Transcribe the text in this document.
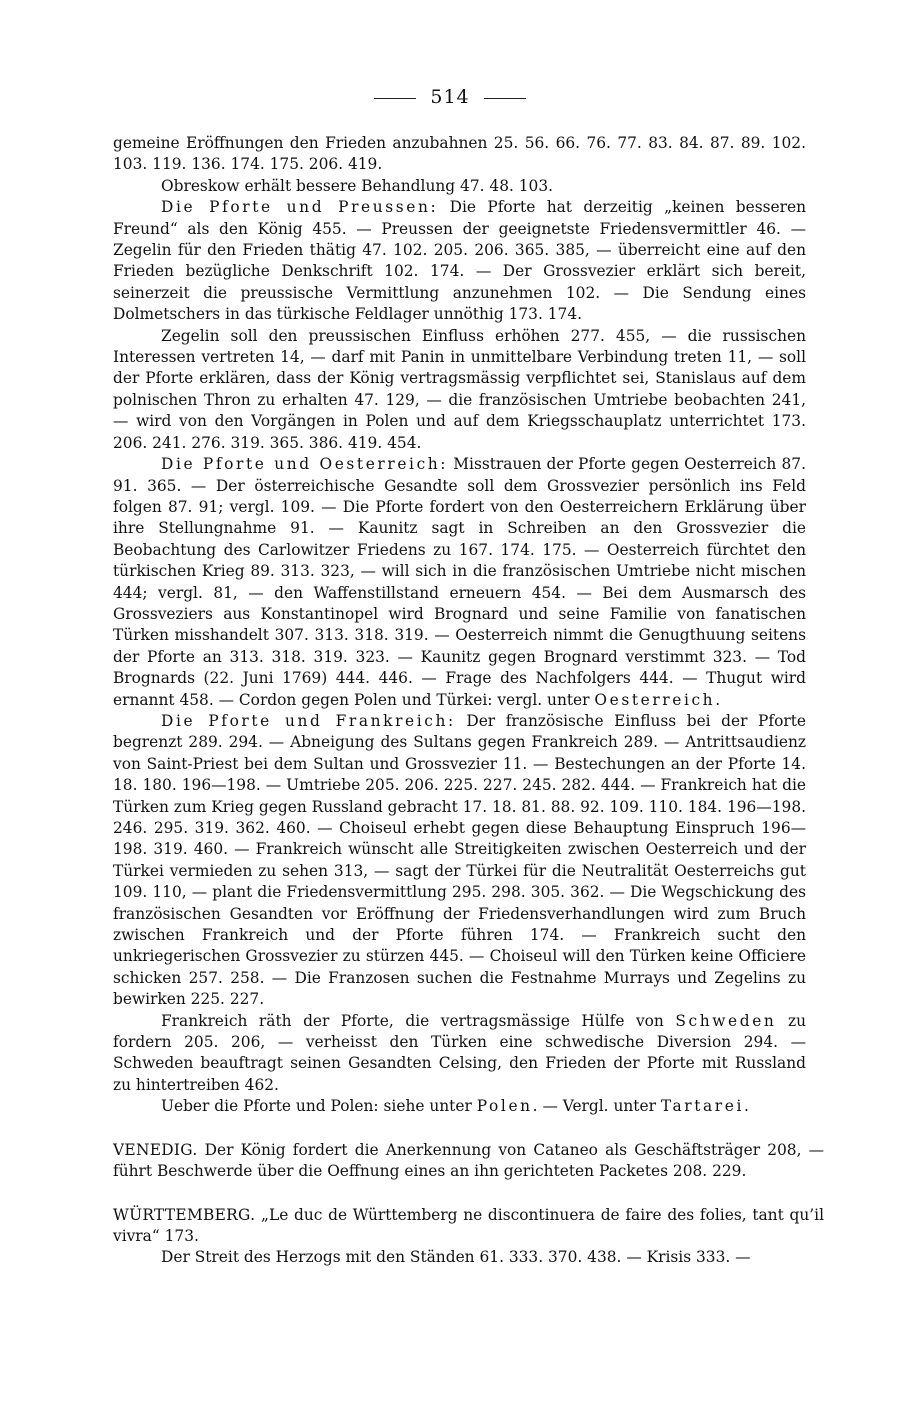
514

gemeine Eröffnungen den Frieden anzubahnen 25. 56. 66. 76. 77. 83. 84. 87. 89. 102. 103. 119. 136. 174. 175. 206. 419.

Obreskow erhält bessere Behandlung 47. 48. 103.

Die Pforte und Preussen: Die Pforte hat derzeitig „keinen besseren Freund“ als den König 455. — Preussen der geeignetste Friedensvermittler 46. — Zegelin für den Frieden thätig 47. 102. 205. 206. 365. 385, — überreicht eine auf den Frieden bezügliche Denkschrift 102. 174. — Der Grossvezier erklärt sich bereit, seinerzeit die preussische Vermittlung anzunehmen 102. — Die Sendung eines Dolmetschers in das türkische Feldlager unnöthig 173. 174.

Zegelin soll den preussischen Einfluss erhöhen 277. 455, — die russischen Interessen vertreten 14, — darf mit Panin in unmittelbare Verbindung treten 11, — soll der Pforte erklären, dass der König vertragsmässig verpflichtet sei, Stanislaus auf dem polnischen Thron zu erhalten 47. 129, — die französischen Umtriebe beobachten 241, — wird von den Vorgängen in Polen und auf dem Kriegsschauplatz unterrichtet 173. 206. 241. 276. 319. 365. 386. 419. 454.

Die Pforte und Oesterreich: Misstrauen der Pforte gegen Oesterreich 87. 91. 365. — Der österreichische Gesandte soll dem Grossvezier persönlich ins Feld folgen 87. 91; vergl. 109. — Die Pforte fordert von den Oesterreichern Erklärung über ihre Stellungnahme 91. — Kaunitz sagt in Schreiben an den Grossvezier die Beobachtung des Carlowitzer Friedens zu 167. 174. 175. — Oesterreich fürchtet den türkischen Krieg 89. 313. 323, — will sich in die französischen Umtriebe nicht mischen 444; vergl. 81, — den Waffenstillstand erneuern 454. — Bei dem Ausmarsch des Grossveziers aus Konstantinopel wird Brognard und seine Familie von fanatischen Türken misshandelt 307. 313. 318. 319. — Oesterreich nimmt die Genugthuung seitens der Pforte an 313. 318. 319. 323. — Kaunitz gegen Brognard verstimmt 323. — Tod Brognards (22. Juni 1769) 444. 446. — Frage des Nachfolgers 444. — Thugut wird ernannt 458. — Cordon gegen Polen und Türkei: vergl. unter Oesterreich.

Die Pforte und Frankreich: Der französische Einfluss bei der Pforte begrenzt 289. 294. — Abneigung des Sultans gegen Frankreich 289. — Antrittsaudienz von Saint-Priest bei dem Sultan und Grossvezier 11. — Bestechungen an der Pforte 14. 18. 180. 196—198. — Umtriebe 205. 206. 225. 227. 245. 282. 444. — Frankreich hat die Türken zum Krieg gegen Russland gebracht 17. 18. 81. 88. 92. 109. 110. 184. 196—198. 246. 295. 319. 362. 460. — Choiseul erhebt gegen diese Behauptung Einspruch 196—198. 319. 460. — Frankreich wünscht alle Streitigkeiten zwischen Oesterreich und der Türkei vermieden zu sehen 313, — sagt der Türkei für die Neutralität Oesterreichs gut 109. 110, — plant die Friedensvermittlung 295. 298. 305. 362. — Die Wegschickung des französischen Gesandten vor Eröffnung der Friedensverhandlungen wird zum Bruch zwischen Frankreich und der Pforte führen 174. — Frankreich sucht den unkriegerischen Grossvezier zu stürzen 445. — Choiseul will den Türken keine Officiere schicken 257. 258. — Die Franzosen suchen die Festnahme Murrays und Zegelins zu bewirken 225. 227.

Frankreich räth der Pforte, die vertragsmässige Hülfe von Schweden zu fordern 205. 206, — verheisst den Türken eine schwedische Diversion 294. — Schweden beauftragt seinen Gesandten Celsing, den Frieden der Pforte mit Russland zu hintertreiben 462.

Ueber die Pforte und Polen: siehe unter Polen. — Vergl. unter Tartarei.

VENEDIG. Der König fordert die Anerkennung von Cataneo als Geschäftsträger 208, — führt Beschwerde über die Oeffnung eines an ihn gerichteten Packetes 208. 229.

WÜRTTEMBERG. „Le duc de Württemberg ne discontinuera de faire des folies, tant qu’il vivra“ 173.

Der Streit des Herzogs mit den Ständen 61. 333. 370. 438. — Krisis 333. —
